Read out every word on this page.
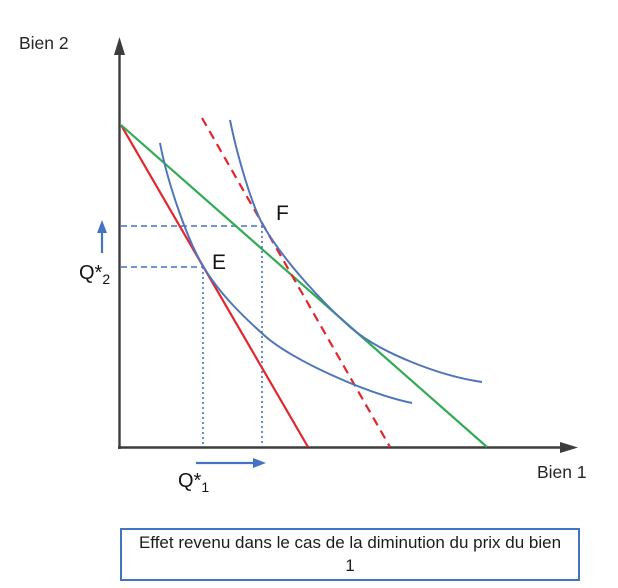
Bien 2
Bien 1
F
E
$Q*_2$
$Q*_1$
Effet revenu dans le cas de la diminution du prix du bien 1
